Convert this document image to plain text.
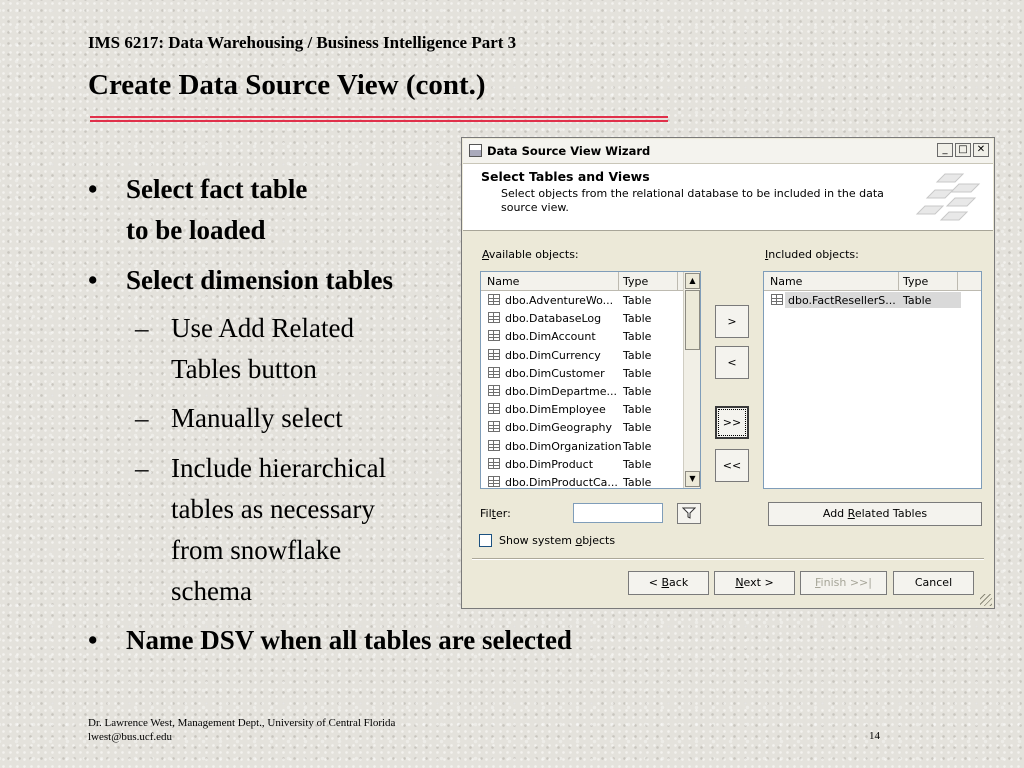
IMS 6217: Data Warehousing / Business Intelligence Part 3
Create Data Source View (cont.)
• Select fact table
to be loaded
• Select dimension tables
– Use Add Related
Tables button
– Manually select
– Include hierarchical
tables as necessary
from snowflake
schema
• Name DSV when all tables are selected
Dr. Lawrence West, Management Dept., University of Central Florida
lwest@bus.ucf.edu	14
Data Source View Wizard	_	□ ✕
Select Tables and Views
Select objects from the relational database to be included in the data source view.
Available objects:
Name	Type
dbo.AdventureWo... Table
dbo.DatabaseLog Table
dbo.DimAccount Table
dbo.DimCurrency Table
dbo.DimCustomer Table
dbo.DimDepartme... Table
dbo.DimEmployee Table
dbo.DimGeography Table
dbo.DimOrganization Table
dbo.DimProduct	Table
dbo.DimProductCa... Table
▲
▼
>
<
>>
<<
Included objects:
Name	Type
dbo.FactResellerS... Table
Filter:	Add Related Tables
Show system objects
< Back	Next >	Finish >>|	Cancel
